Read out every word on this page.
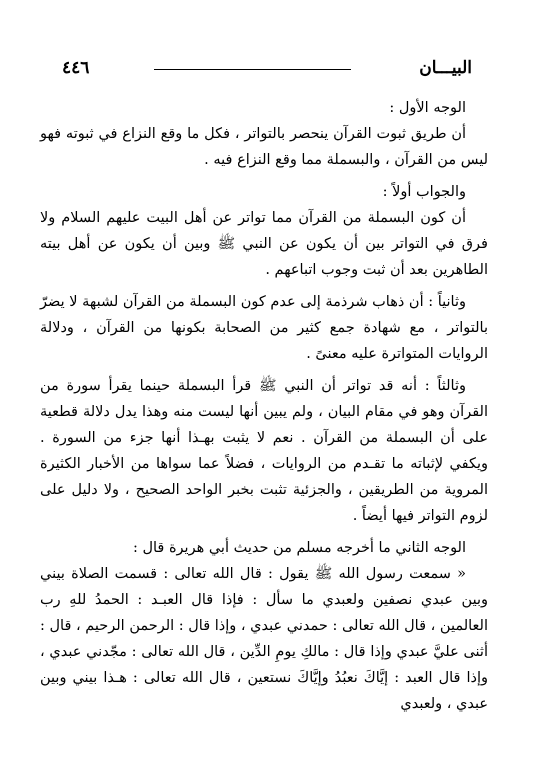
٤٤٦	البيـــان

الوجه الأول :

أن طريق ثبوت القرآن ينحصر بالتواتر ، فكل ما وقع النزاع في ثبوته فهو ليس من القرآن ، والبسملة مما وقع النزاع فيه .

والجواب أولاً :

أن كون البسملة من القرآن مما تواتر عن أهل البيت عليهم السلام ولا فرق في التواتر بين أن يكون عن النبي ﷺ وبين أن يكون عن أهل بيته الطاهرين بعد أن ثبت وجوب اتباعهم .

وثانياً : أن ذهاب شرذمة إلى عدم كون البسملة من القرآن لشبهة لا يضرّ بالتواتر ، مع شهادة جمع كثير من الصحابة بكونها من القرآن ، ودلالة الروايات المتواترة عليه معنىً .

وثالثاً : أنه قد تواتر أن النبي ﷺ قرأ البسملة حينما يقرأ سورة من القرآن وهو في مقام البيان ، ولم يبين أنها ليست منه وهذا يدل دلالة قطعية على أن البسملة من القرآن . نعم لا يثبت بهـذا أنها جزء من السورة . ويكفي لإثباته ما تقـدم من الروايات ، فضلاً عما سواها من الأخبار الكثيرة المروية من الطريقين ، والجزئية تثبت بخبر الواحد الصحيح ، ولا دليل على لزوم التواتر فيها أيضاً .

الوجه الثاني ما أخرجه مسلم من حديث أبي هريرة قال :

« سمعت رسول الله ﷺ يقول : قال الله تعالى : قسمت الصلاة بيني وبين عبدي نصفين ولعبدي ما سأل : فإذا قال العبـد : الحمدُ للهِ رب العالمين ، قال الله تعالى : حمدني عبدي ، وإذا قال : الرحمن الرحيم ، قال : أثنى عليَّ عبدي وإذا قال : مالكِ يومِ الدِّين ، قال الله تعالى : مجّدني عبدي ، وإذا قال العبد : إيَّاكَ نعبُدُ وإيَّاكَ نستعين ، قال الله تعالى : هـذا بيني وبين عبدي ، ولعبدي
